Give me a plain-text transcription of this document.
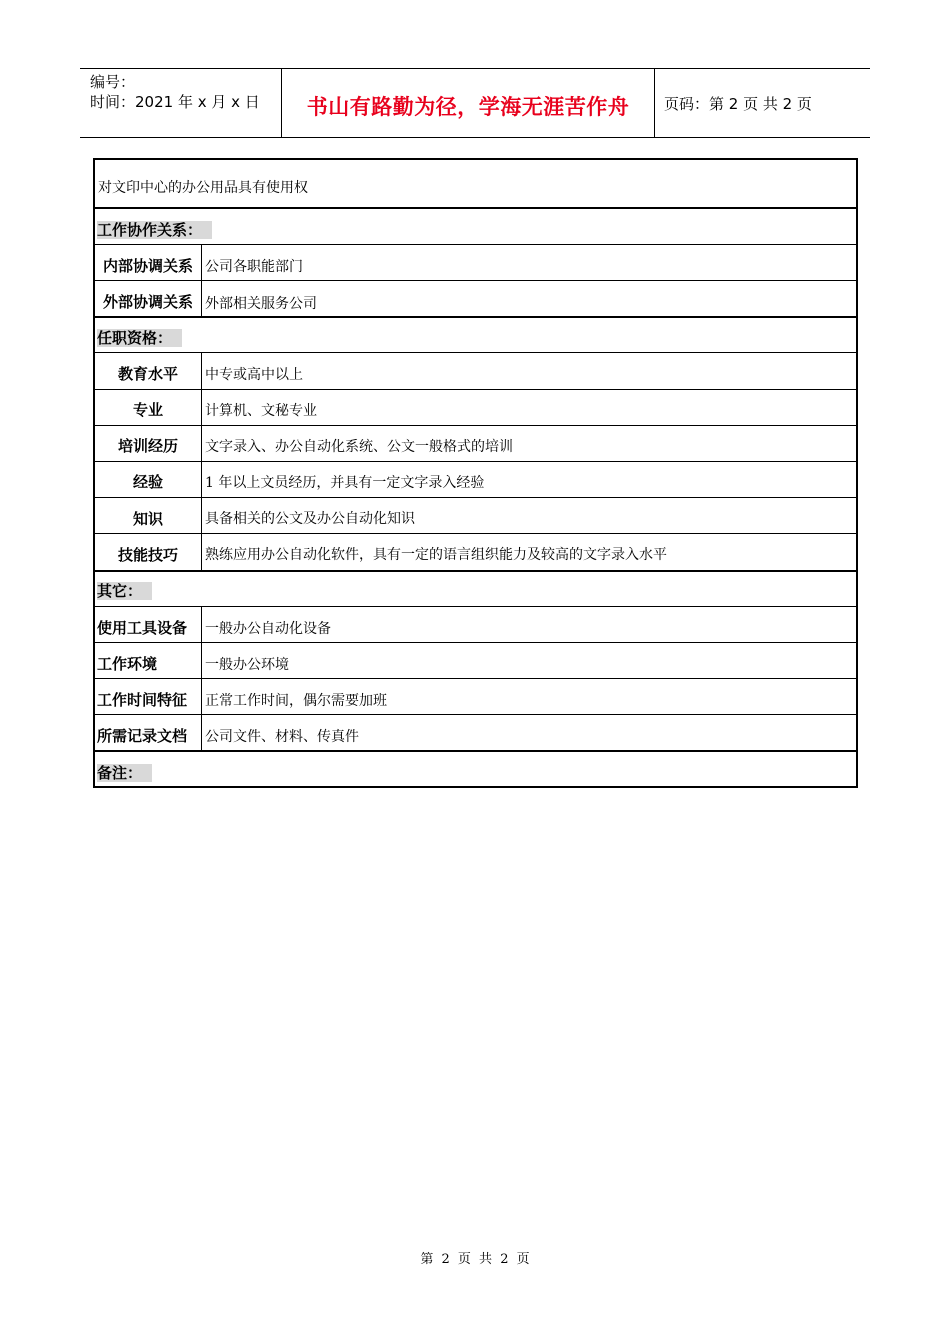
编号：
时间：2021 年 x 月 x 日	书山有路勤为径，学海无涯苦作舟	页码：第 2 页 共 2 页
对文印中心的办公用品具有使用权
工作协作关系：
内部协调关系 公司各职能部门
外部协调关系 外部相关服务公司
任职资格：
教育水平	中专或高中以上
专业	计算机、文秘专业
培训经历	文字录入、办公自动化系统、公文一般格式的培训
经验	1 年以上文员经历，并具有一定文字录入经验
知识	具备相关的公文及办公自动化知识
技能技巧	熟练应用办公自动化软件，具有一定的语言组织能力及较高的文字录入水平
其它：
使用工具设备	一般办公自动化设备
工作环境	一般办公环境
工作时间特征	正常工作时间，偶尔需要加班
所需记录文档	公司文件、材料、传真件
备注：
第 2 页 共 2 页
